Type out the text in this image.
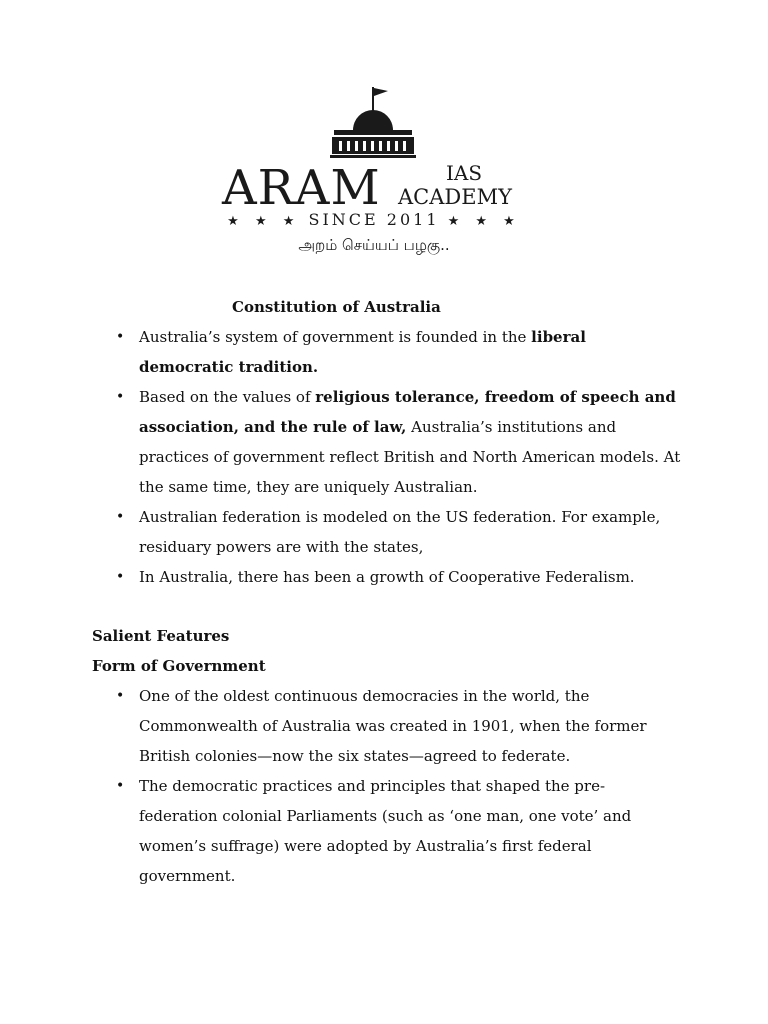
ARAM	IAS
ACADEMY
★ ★ ★ SINCE 2011 ★ ★ ★
அறம் செய்யப் பழகு..
Constitution of Australia
• Australia’s system of government is founded in the liberal democratic tradition.
• Based on the values of religious tolerance, freedom of speech and association, and the rule of law, Australia’s institutions and practices of government reflect British and North American models. At the same time, they are uniquely Australian.
• Australian federation is modeled on the US federation. For example, residuary powers are with the states,
• In Australia, there has been a growth of Cooperative Federalism.
Salient Features
Form of Government
• One of the oldest continuous democracies in the world, the Commonwealth of Australia was created in 1901, when the former British colonies—now the six states—agreed to federate.
• The democratic practices and principles that shaped the pre-federation colonial Parliaments (such as ‘one man, one vote’ and women’s suffrage) were adopted by Australia’s first federal government.
